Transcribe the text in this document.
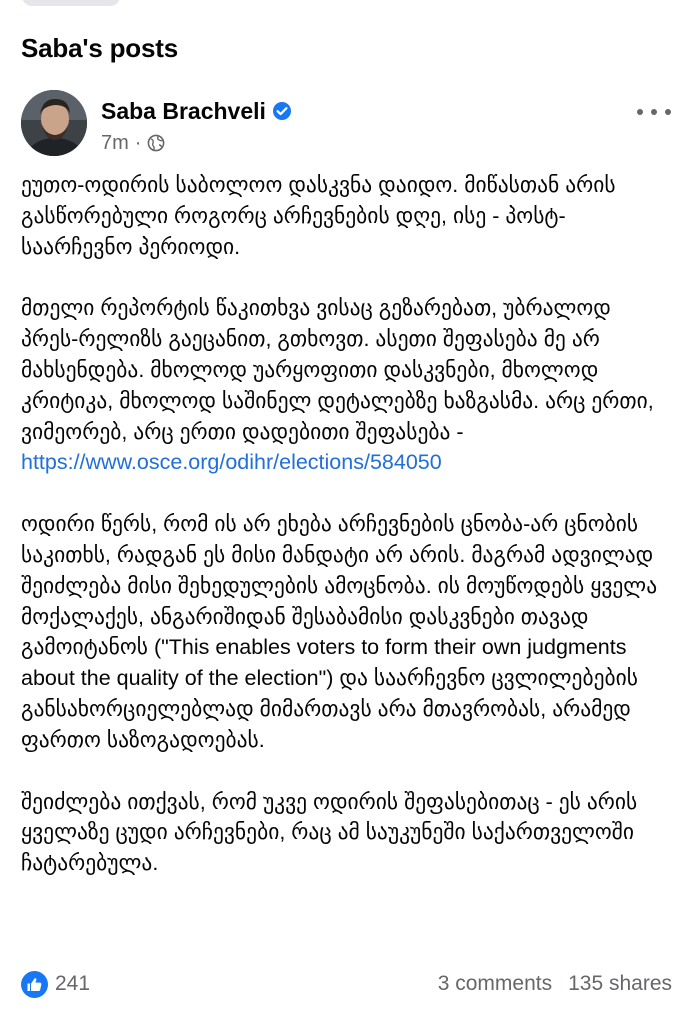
Saba's posts
Saba Brachveli
7m ·

ეუთო-ოდირის საბოლოო დასკვნა დაიდო. მიწასთან არის გასწორებული როგორც არჩევნების დღე, ისე - პოსტ-საარჩევნო პერიოდი.

მთელი რეპორტის წაკითხვა ვისაც გეზარებათ, უბრალოდ პრეს-რელიზს გაეცანით, გთხოვთ. ასეთი შეფასება მე არ მახსენდება. მხოლოდ უარყოფითი დასკვნები, მხოლოდ კრიტიკა, მხოლოდ საშინელ დეტალებზე ხაზგასმა. არც ერთი, ვიმეორებ, არც ერთი დადებითი შეფასება - https://www.osce.org/odihr/elections/584050

ოდირი წერს, რომ ის არ ეხება არჩევნების ცნობა-არ ცნობის საკითხს, რადგან ეს მისი მანდატი არ არის. მაგრამ ადვილად შეიძლება მისი შეხედულების ამოცნობა. ის მოუწოდებს ყველა მოქალაქეს, ანგარიშიდან შესაბამისი დასკვნები თავად გამოიტანოს ("This enables voters to form their own judgments about the quality of the election") და საარჩევნო ცვლილებების განსახორციელებლად მიმართავს არა მთავრობას, არამედ ფართო საზოგადოებას.

შეიძლება ითქვას, რომ უკვე ოდირის შეფასებითაც - ეს არის ყველაზე ცუდი არჩევნები, რაც ამ საუკუნეში საქართველოში ჩატარებულა.

241	3 comments 135 shares
